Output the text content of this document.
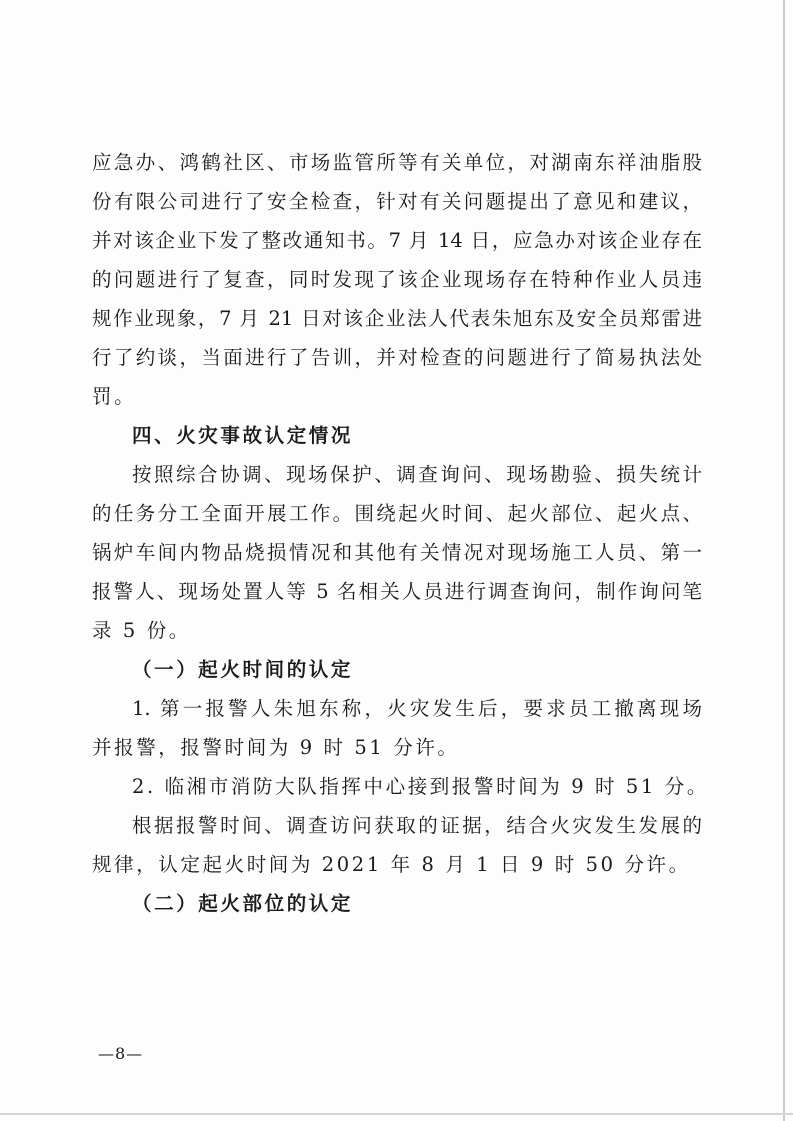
应急办、鸿鹤社区、市场监管所等有关单位，对湖南东祥油脂股
份有限公司进行了安全检查，针对有关问题提出了意见和建议，
并对该企业下发了整改通知书。7 月 14 日，应急办对该企业存在
的问题进行了复查，同时发现了该企业现场存在特种作业人员违
规作业现象，7 月 21 日对该企业法人代表朱旭东及安全员郑雷进
行了约谈，当面进行了告训，并对检查的问题进行了简易执法处
罚。
四、火灾事故认定情况
按照综合协调、现场保护、调查询问、现场勘验、损失统计
的任务分工全面开展工作。围绕起火时间、起火部位、起火点、
锅炉车间内物品烧损情况和其他有关情况对现场施工人员、第一
报警人、现场处置人等 5 名相关人员进行调查询问，制作询问笔
录 5 份。
（一）起火时间的认定
1. 第一报警人朱旭东称，火灾发生后，要求员工撤离现场
并报警，报警时间为 9 时 51 分许。
2. 临湘市消防大队指挥中心接到报警时间为 9 时 51 分。
根据报警时间、调查访问获取的证据，结合火灾发生发展的
规律，认定起火时间为 2021 年 8 月 1 日 9 时 50 分许。
（二）起火部位的认定
—8—
